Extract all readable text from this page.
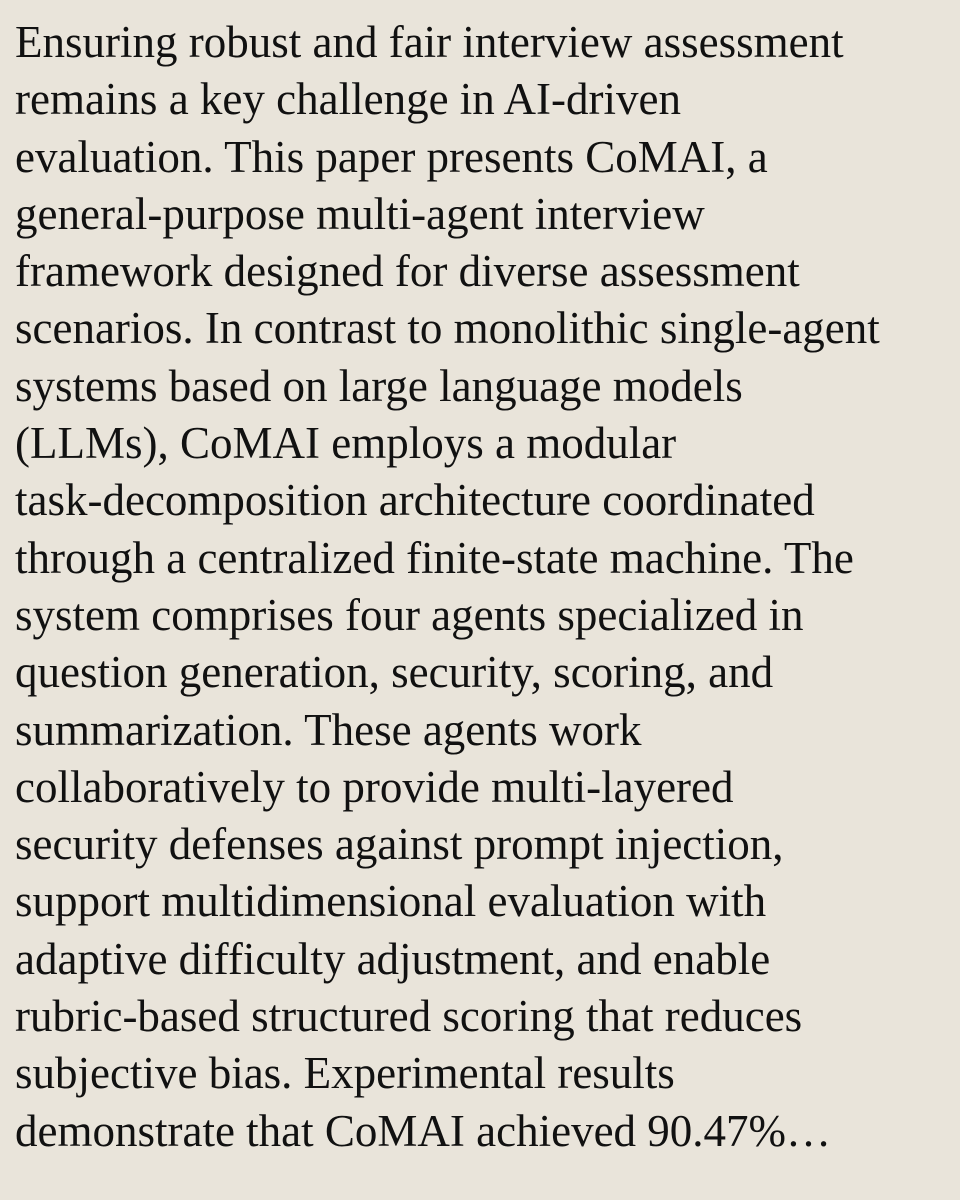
Ensuring robust and fair interview assessment
remains a key challenge in AI-driven
evaluation. This paper presents CoMAI, a
general-purpose multi-agent interview
framework designed for diverse assessment
scenarios. In contrast to monolithic single-agent
systems based on large language models
(LLMs), CoMAI employs a modular
task-decomposition architecture coordinated
through a centralized finite-state machine. The
system comprises four agents specialized in
question generation, security, scoring, and
summarization. These agents work
collaboratively to provide multi-layered
security defenses against prompt injection,
support multidimensional evaluation with
adaptive difficulty adjustment, and enable
rubric-based structured scoring that reduces
subjective bias. Experimental results
demonstrate that CoMAI achieved 90.47%…
